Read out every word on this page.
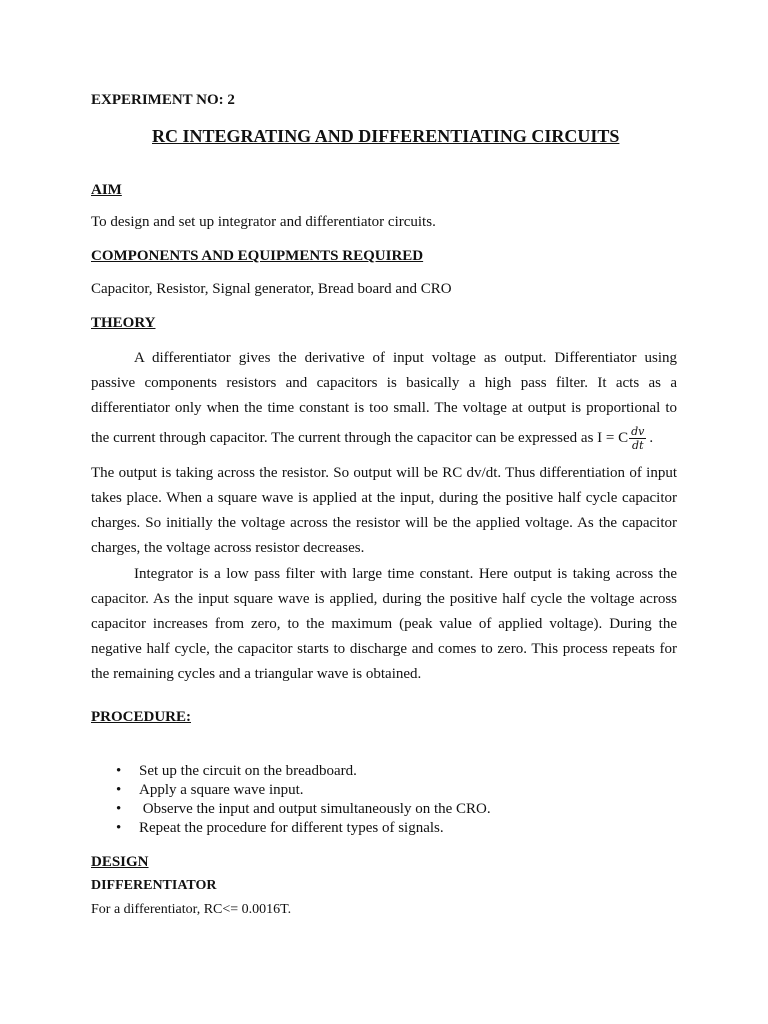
EXPERIMENT NO: 2
RC INTEGRATING AND DIFFERENTIATING CIRCUITS
AIM
To design and set up integrator and differentiator circuits.
COMPONENTS AND EQUIPMENTS REQUIRED
Capacitor, Resistor, Signal generator, Bread board and CRO
THEORY
A differentiator gives the derivative of input voltage as output. Differentiator using
passive components resistors and capacitors is basically a high pass filter. It acts as a
differentiator only when the time constant is too small. The voltage at output is proportional to
the current through capacitor. The current through the capacitor can be expressed as I = C $\frac{dv}{dt}$ .
The output is taking across the resistor. So output will be RC dv/dt. Thus differentiation of input
takes place. When a square wave is applied at the input, during the positive half cycle capacitor
charges. So initially the voltage across the resistor will be the applied voltage. As the capacitor
charges, the voltage across resistor decreases.
Integrator is a low pass filter with large time constant. Here output is taking across the
capacitor. As the input square wave is applied, during the positive half cycle the voltage across
capacitor increases from zero, to the maximum (peak value of applied voltage). During the
negative half cycle, the capacitor starts to discharge and comes to zero. This process repeats for
the remaining cycles and a triangular wave is obtained.
PROCEDURE:
• Set up the circuit on the breadboard.
• Apply a square wave input.
• Observe the input and output simultaneously on the CRO.
• Repeat the procedure for different types of signals.
DESIGN
DIFFERENTIATOR
For a differentiator, RC<= 0.0016T.
